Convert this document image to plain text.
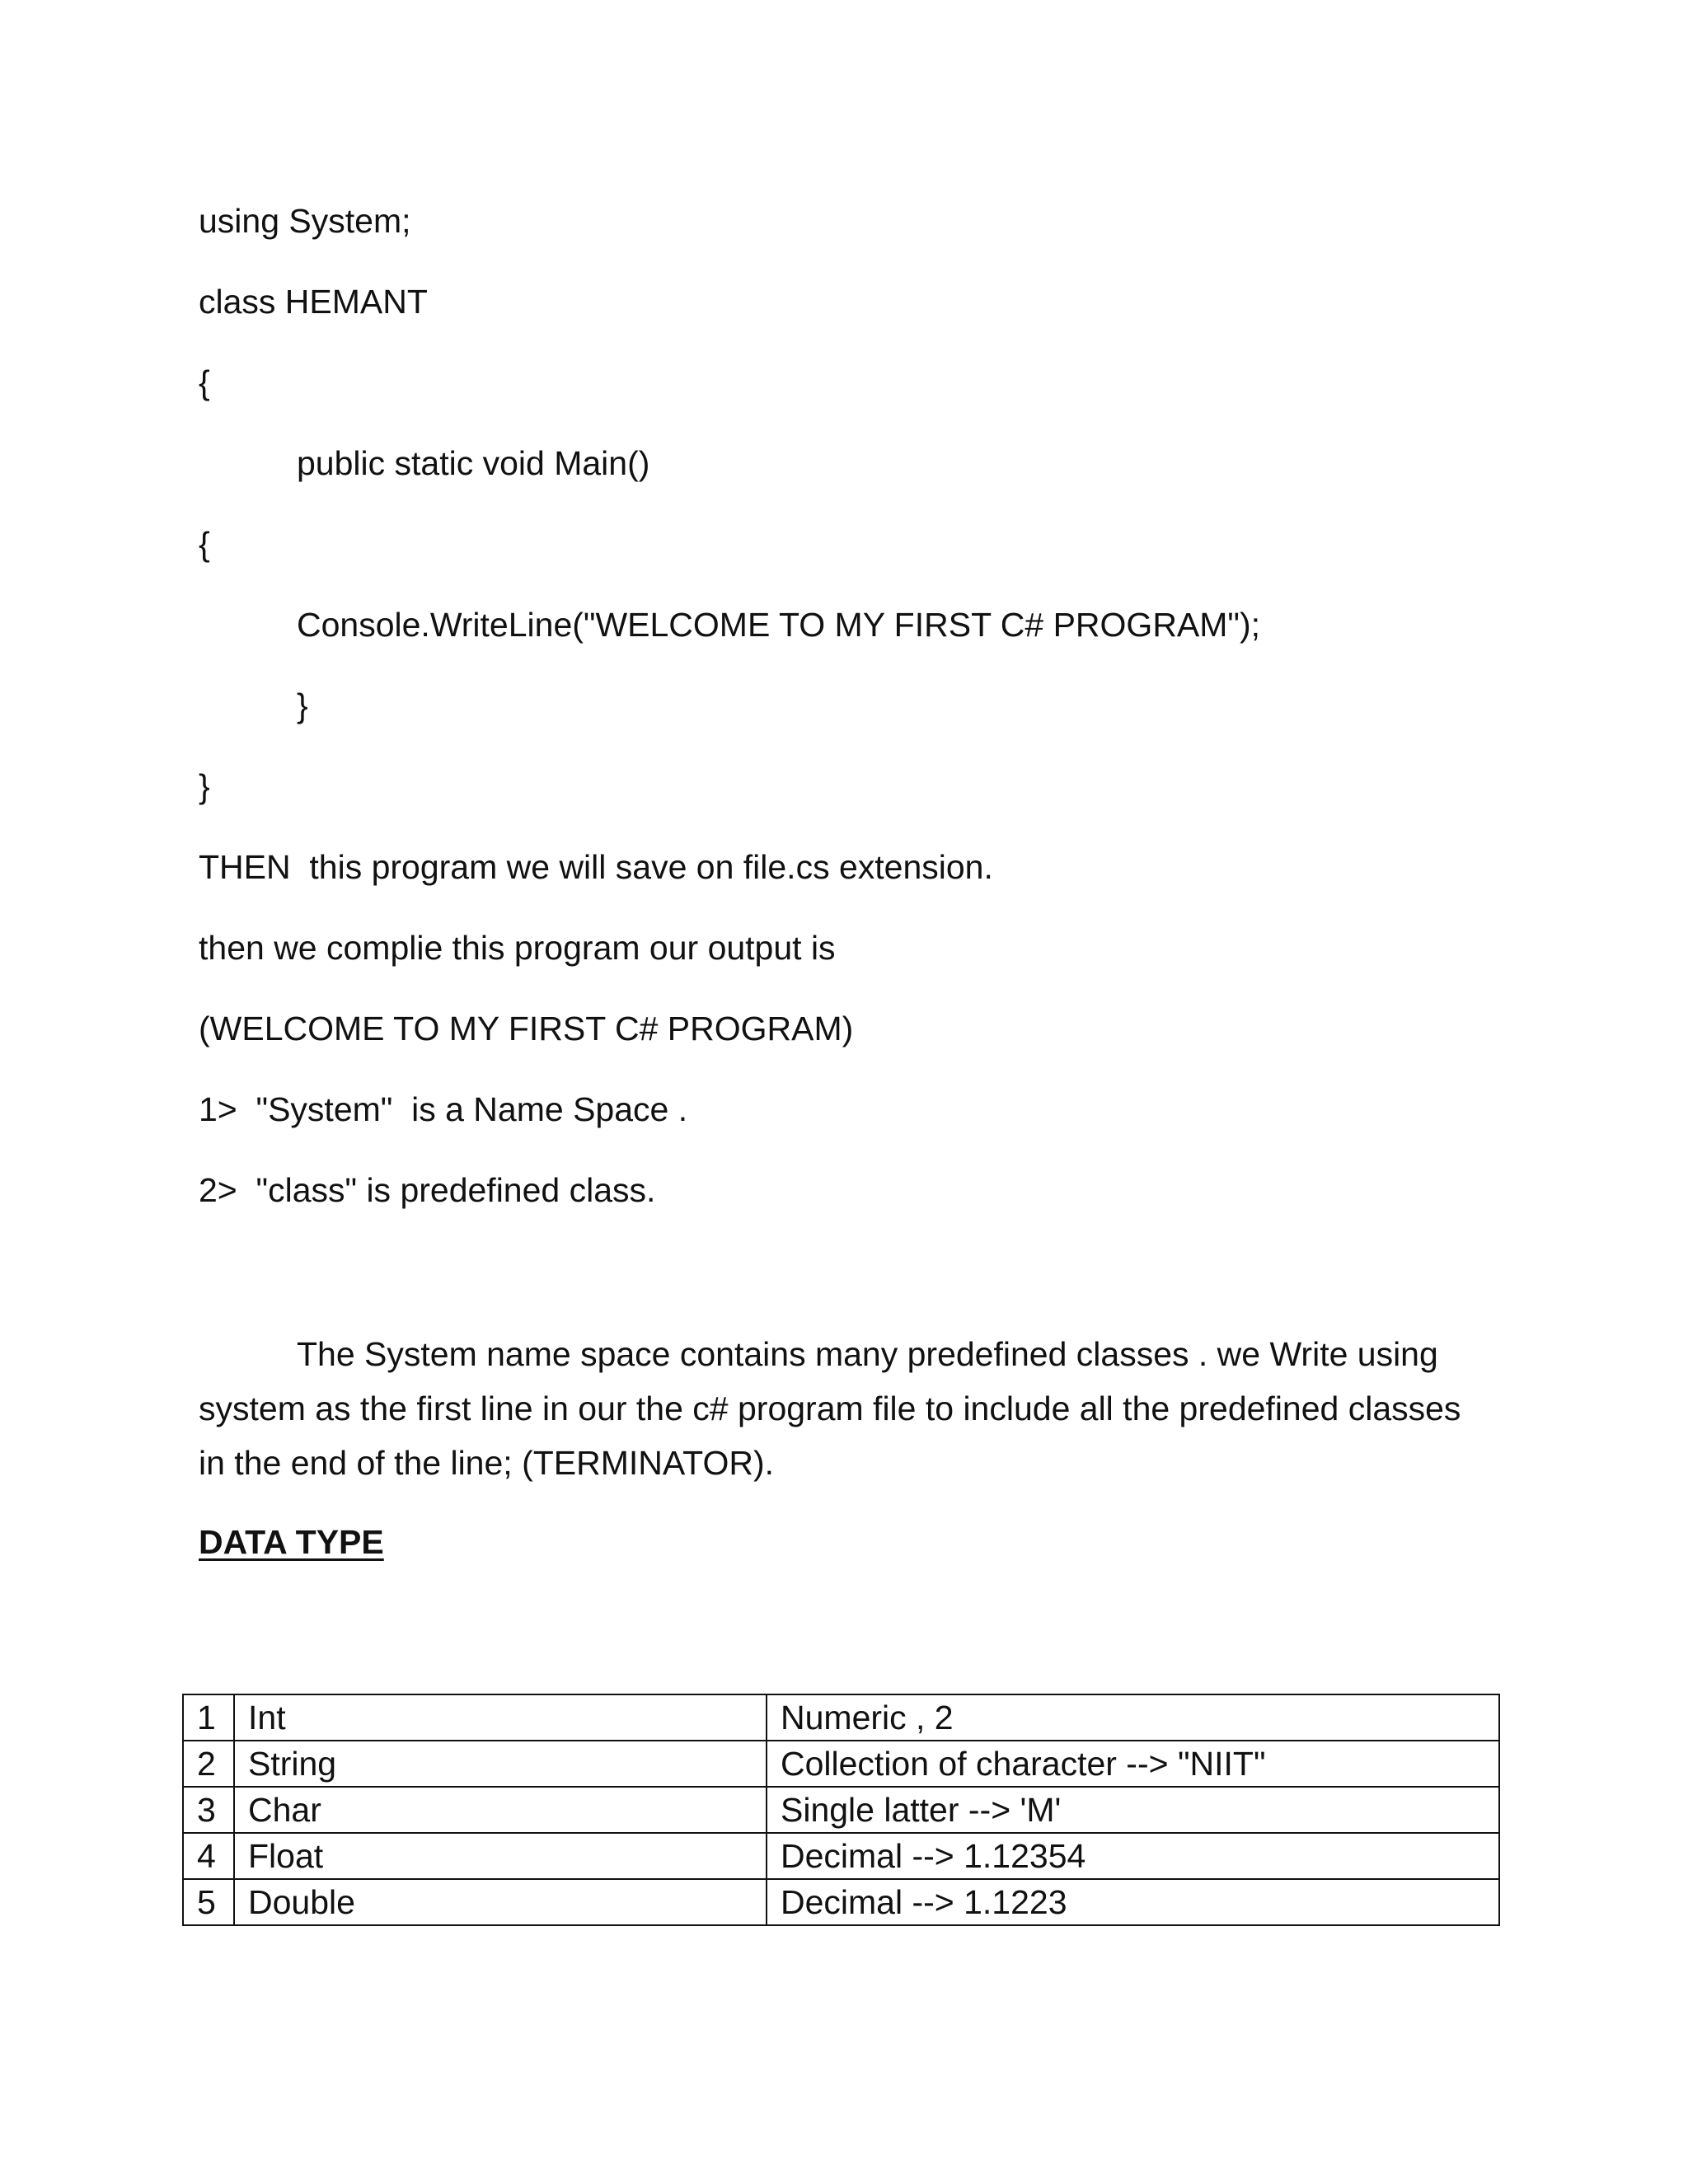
using System;
class HEMANT
{
public static void Main()
{
Console.WriteLine("WELCOME TO MY FIRST C# PROGRAM");
}
}
THEN  this program we will save on file.cs extension.
then we complie this program our output is
(WELCOME TO MY FIRST C# PROGRAM)
1>  "System"  is a Name Space .
2>  "class" is predefined class.
The System name space contains many predefined classes . we Write using system as the first line in our the c# program file to include all the predefined classes in the end of the line; (TERMINATOR).
DATA TYPE
1	Int	Numeric , 2
2	String	Collection of character --> "NIIT"
3	Char	Single latter --> 'M'
4	Float	Decimal --> 1.12354
5	Double	Decimal --> 1.1223
